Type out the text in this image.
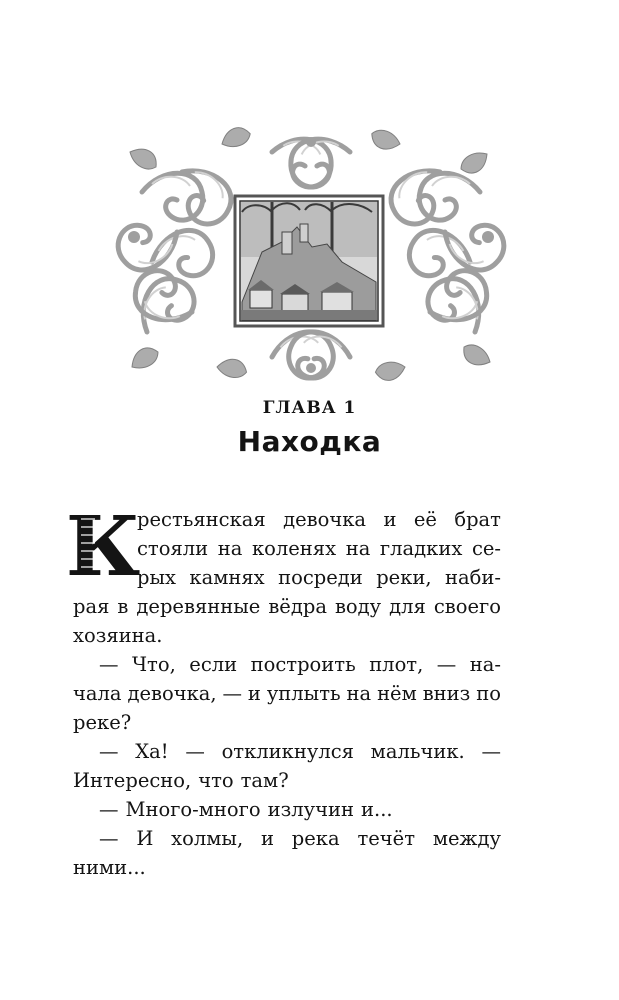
ГЛАВА 1
Находка
К
рестьянская девочка и её брат
стояли на коленях на гладких се-
рых камнях посреди реки, наби-
рая в деревянные вёдра воду для своего
хозяина.
— Что, если построить плот, — на-
чала девочка, — и уплыть на нём вниз по
реке?
— Ха! — откликнулся мальчик. —
Интересно, что там?
— Много-много излучин и...
— И холмы, и река течёт между
ними...
